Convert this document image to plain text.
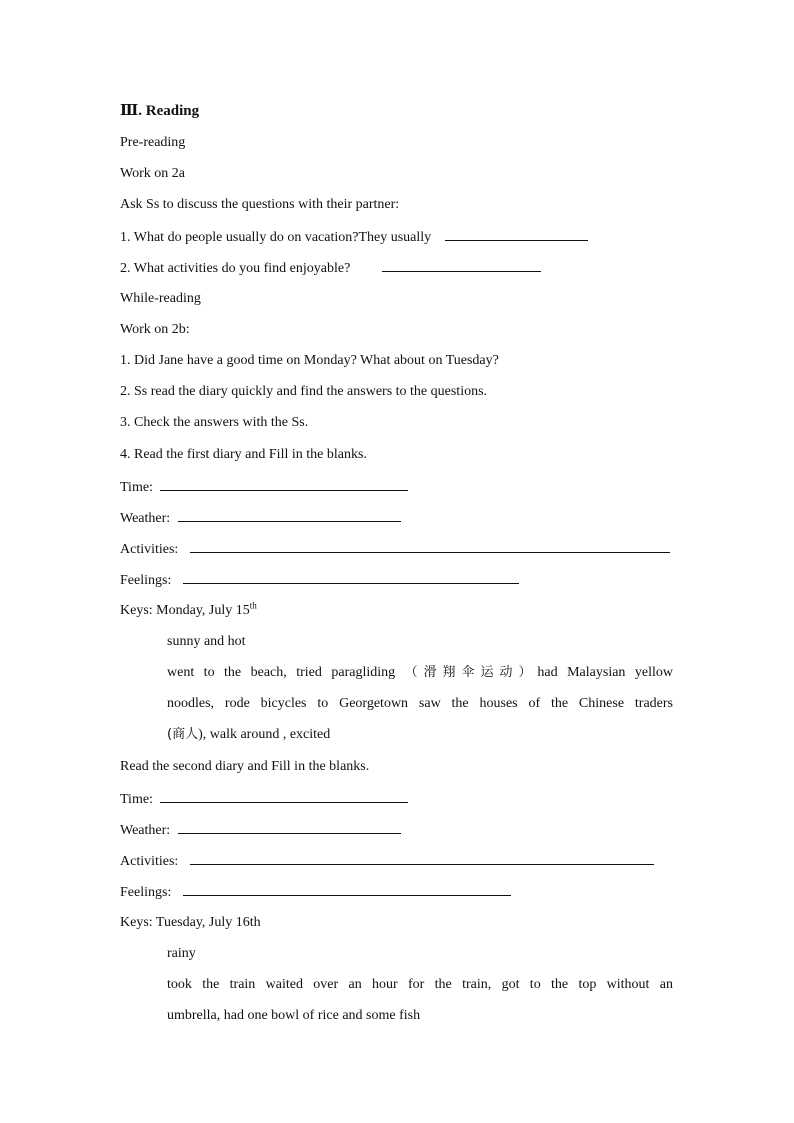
Ⅲ. Reading
Pre-reading
Work on 2a
Ask Ss to discuss the questions with their partner:
1. What do people usually do on vacation?They usually
2. What activities do you find enjoyable?
While-reading
Work on 2b:
1. Did Jane have a good time on Monday? What about on Tuesday?
2. Ss read the diary quickly and find the answers to the questions.
3. Check the answers with the Ss.
4. Read the first diary and Fill in the blanks.
Time:
Weather:
Activities:
Feelings:
Keys: Monday, July 15th
sunny and hot
went to the beach, tried paragliding （滑翔伞运动）had Malaysian yellow
noodles, rode bicycles to Georgetown saw the houses of the Chinese traders
(商人), walk around , excited
Read the second diary and Fill in the blanks.
Time:
Weather:
Activities:
Feelings:
Keys: Tuesday, July 16th
rainy
took the train waited over an hour for the train, got to the top without an
umbrella, had one bowl of rice and some fish
